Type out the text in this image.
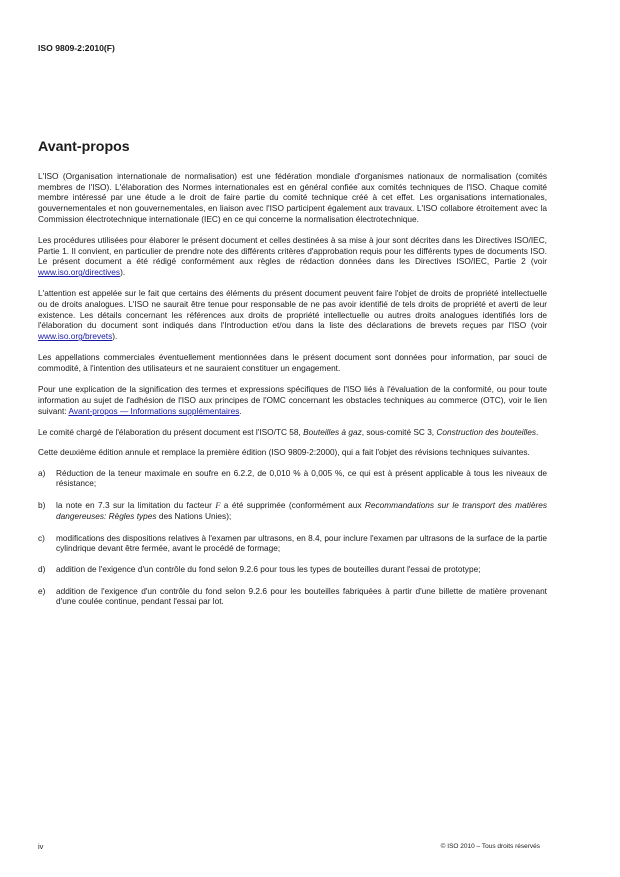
ISO 9809-2:2010(F)
Avant-propos

L'ISO (Organisation internationale de normalisation) est une fédération mondiale d'organismes nationaux de normalisation (comités membres de l'ISO). L'élaboration des Normes internationales est en général confiée aux comités techniques de l'ISO. Chaque comité membre intéressé par une étude a le droit de faire partie du comité technique créé à cet effet. Les organisations internationales, gouvernementales et non gouvernementales, en liaison avec l'ISO participent également aux travaux. L'ISO collabore étroitement avec la Commission électrotechnique internationale (IEC) en ce qui concerne la normalisation électrotechnique.

Les procédures utilisées pour élaborer le présent document et celles destinées à sa mise à jour sont décrites dans les Directives ISO/IEC, Partie 1. Il convient, en particulier de prendre note des différents critères d'approbation requis pour les différents types de documents ISO. Le présent document a été rédigé conformément aux règles de rédaction données dans les Directives ISO/IEC, Partie 2 (voir www.iso.org/directives).

L'attention est appelée sur le fait que certains des éléments du présent document peuvent faire l'objet de droits de propriété intellectuelle ou de droits analogues. L'ISO ne saurait être tenue pour responsable de ne pas avoir identifié de tels droits de propriété et averti de leur existence. Les détails concernant les références aux droits de propriété intellectuelle ou autres droits analogues identifiés lors de l'élaboration du document sont indiqués dans l'Introduction et/ou dans la liste des déclarations de brevets reçues par l'ISO (voir www.iso.org/brevets).

Les appellations commerciales éventuellement mentionnées dans le présent document sont données pour information, par souci de commodité, à l'intention des utilisateurs et ne sauraient constituer un engagement.

Pour une explication de la signification des termes et expressions spécifiques de l'ISO liés à l'évaluation de la conformité, ou pour toute information au sujet de l'adhésion de l'ISO aux principes de l'OMC concernant les obstacles techniques au commerce (OTC), voir le lien suivant: Avant-propos — Informations supplémentaires.

Le comité chargé de l'élaboration du présent document est l'ISO/TC 58, Bouteilles à gaz, sous-comité SC 3, Construction des bouteilles.

Cette deuxième édition annule et remplace la première édition (ISO 9809-2:2000), qui a fait l'objet des révisions techniques suivantes.

a) Réduction de la teneur maximale en soufre en 6.2.2, de 0,010 % à 0,005 %, ce qui est à présent applicable à tous les niveaux de résistance;
b) la note en 7.3 sur la limitation du facteur F a été supprimée (conformément aux Recommandations sur le transport des matières dangereuses: Règles types des Nations Unies);
c) modifications des dispositions relatives à l'examen par ultrasons, en 8.4, pour inclure l'examen par ultrasons de la surface de la partie cylindrique devant être fermée, avant le procédé de formage;
d) addition de l'exigence d'un contrôle du fond selon 9.2.6 pour tous les types de bouteilles durant l'essai de prototype;
e) addition de l'exigence d'un contrôle du fond selon 9.2.6 pour les bouteilles fabriquées à partir d'une billette de matière provenant d'une coulée continue, pendant l'essai par lot.
iv	© ISO 2010 – Tous droits réservés
